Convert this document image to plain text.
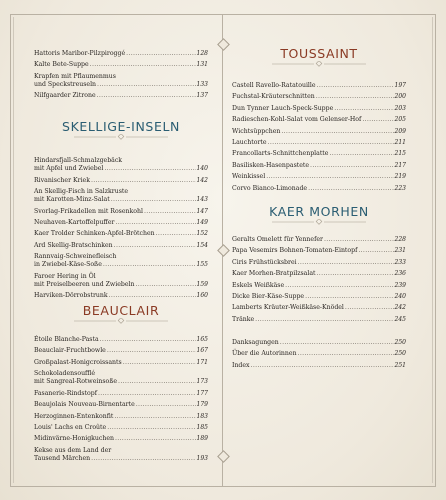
Hattoris Maribor-Pilzpiroggé .....	128
Kalte Bete-Suppe .....	131
Krapfen mit Pflaumenmus
und Speckstreuseln .....	133
Nilfgaarder Zitrone .....	137
SKELLIGE-INSELN
Hindarsfjall-Schmalzgebäck
mit Apfel und Zwiebel .....	140
Rivanischer Kriek .....	142
An Skellig-Fisch in Salzkruste
mit Karotten-Minz-Salat .....	143
Svorlag-Frikadellen mit Rosenkohl .....	147
Neuhaven-Kartoffelpuffer .....	149
Kaer Trolder Schinken-Apfel-Brötchen .....	152
Ard Skellig-Bratschinken .....	154
Rannvaig-Schweinefleisch
in Zwiebel-Käse-Soße .....	155
Faroer Hering in Öl
mit Preiselbeeren und Zwiebeln .....	159
Harviken-Dörrobstrunk .....	160
BEAUCLAIR
Étoile Blanche-Pasta .....	165
Beauclair-Fruchtbowle .....	167
Großpalast-Honigcroissants .....	171
Schokoladensoufflé
mit Sangreal-Rotweinsoße .....	173
Fasanerie-Rindstopf .....	177
Beaujolais Nouveau-Birnentarte .....	179
Herzoginnen-Entenkonfit .....	183
Louis' Lachs en Croûte .....	185
Midinvärne-Honigkuchen .....	189
Kekse aus dem Land der
Tausend Märchen .....	193
TOUSSAINT
Castell Ravello-Ratatouille .....	197
Fuchstal-Kräuterschnitten .....	200
Dun Tynner Lauch-Speck-Suppe .....	203
Radieschen-Kohl-Salat vom Gelenser-Hof .....	205
Wichtsüppchen .....	209
Lauchtorte .....	211
Francollarts-Schnittchenplatte .....	215
Basilisken-Hasenpastete .....	217
Weinkissel .....	219
Corvo Bianco-Limonade .....	223
KAER MORHEN
Geralts Omelett für Yennefer .....	228
Papa Vesemirs Bohnen-Tomaten-Eintopf .....	231
Ciris Frühstücksbrei .....	233
Kaer Morhen-Bratpilzsalat .....	236
Eskels Weißkäse .....	239
Dicke Bier-Käse-Suppe .....	240
Lamberts Kräuter-Weißkäse-Knödel .....	242
Tränke .....	245
Danksagungen .....	250
Über die Autorinnen .....	250
Index .....	251
